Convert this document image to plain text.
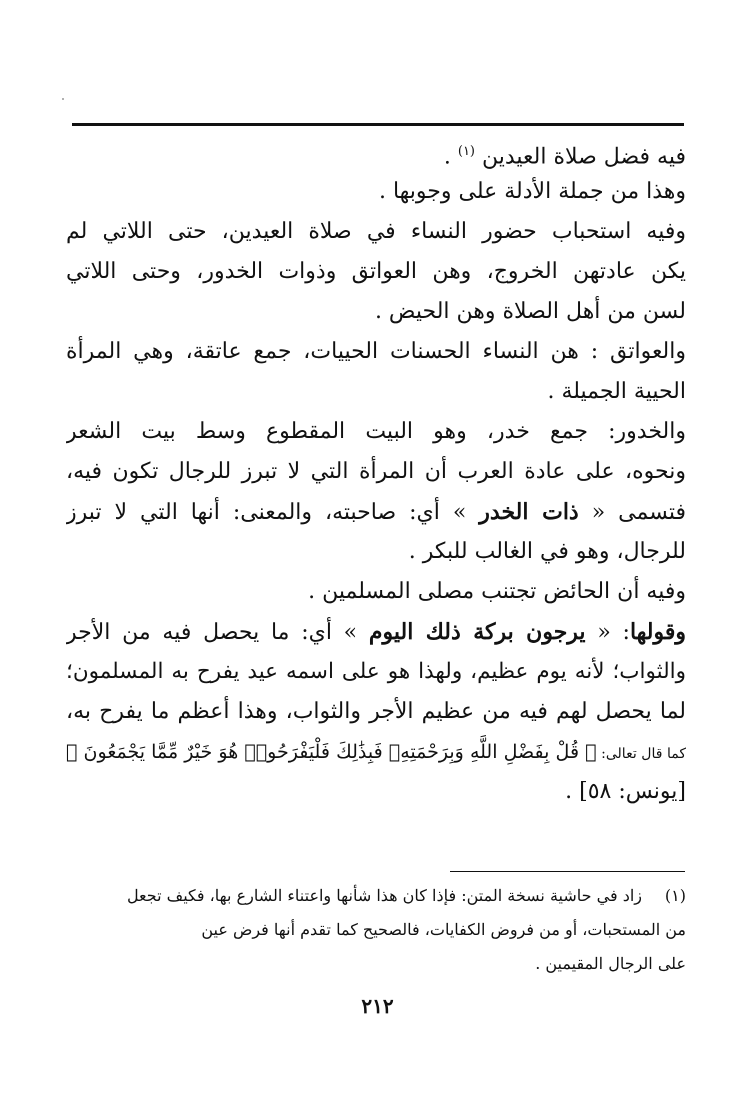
فيه فضل صلاة العيدين $^{(١)}$ .
وهذا من جملة الأدلة على وجوبها .
وفيه استحباب حضور النساء في صلاة العيدين، حتى اللاتي لم
يكن عادتهن الخروج، وهن العواتق وذوات الخدور، وحتى اللاتي
لسن من أهل الصلاة وهن الحيض .
والعواتق : هن النساء الحسنات الحييات، جمع عاتقة، وهي المرأة
الحيية الجميلة .
والخدور: جمع خدر، وهو البيت المقطوع وسط بيت الشعر
ونحوه، على عادة العرب أن المرأة التي لا تبرز للرجال تكون فيه،
فتسمى « ذات الخدر » أي: صاحبته، والمعنى: أنها التي لا تبرز
للرجال، وهو في الغالب للبكر .
وفيه أن الحائض تجتنب مصلى المسلمين .
وقولها: « يرجون بركة ذلك اليوم » أي: ما يحصل فيه من الأجر
والثواب؛ لأنه يوم عظيم، ولهذا هو على اسمه عيد يفرح به المسلمون؛
لما يحصل لهم فيه من عظيم الأجر والثواب، وهذا أعظم ما يفرح به،
كما قال تعالى: ﴿ قُلْ بِفَضْلِ اللَّهِ وَبِرَحْمَتِهِۦ فَبِذَٰلِكَ فَلْيَفْرَحُوا۟ هُوَ خَيْرٌ مِّمَّا يَجْمَعُونَ ﴾
[يونس: ٥٨] .
(١)زاد في حاشية نسخة المتن: فإذا كان هذا شأنها واعتناء الشارع بها، فكيف تجعل
من المستحبات، أو من فروض الكفايات، فالصحيح كما تقدم أنها فرض عين
على الرجال المقيمين .
٢١٢
